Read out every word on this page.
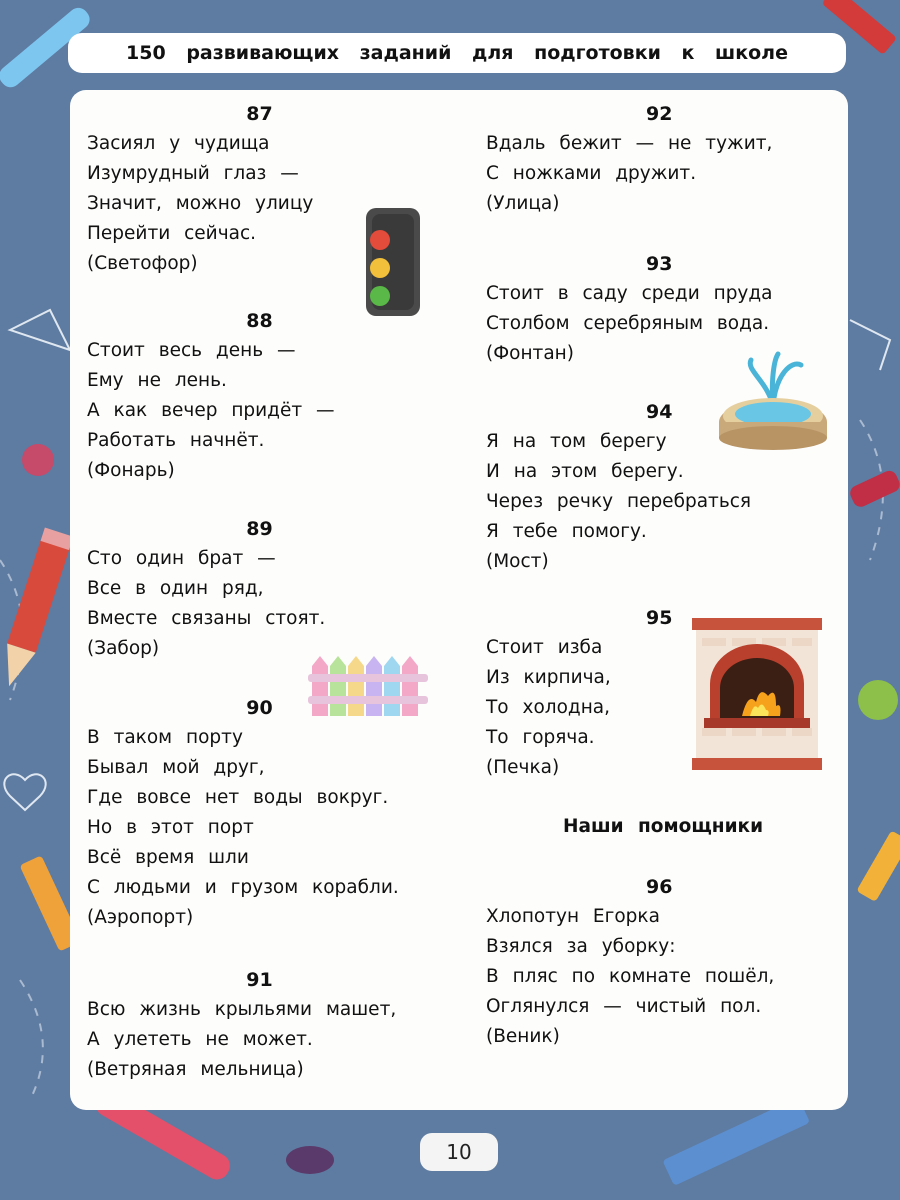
150 развивающих заданий для подготовки к школе
87
Засиял у чудища
Изумрудный глаз —
Значит, можно улицу
Перейти сейчас.
(Светофор)
88
Стоит весь день —
Ему не лень.
А как вечер придёт —
Работать начнёт.
(Фонарь)
89
Сто один брат —
Все в один ряд,
Вместе связаны стоят.
(Забор)
90
В таком порту
Бывал мой друг,
Где вовсе нет воды вокруг.
Но в этот порт
Всё время шли
С людьми и грузом корабли.
(Аэропорт)
91
Всю жизнь крыльями машет,
А улететь не может.
(Ветряная мельница)
92
Вдаль бежит — не тужит,
С ножками дружит.
(Улица)
93
Стоит в саду среди пруда
Столбом серебряным вода.
(Фонтан)
94
Я на том берегу
И на этом берегу.
Через речку перебраться
Я тебе помогу.
(Мост)
95
Стоит изба
Из кирпича,
То холодна,
То горяча.
(Печка)
Наши помощники
96
Хлопотун Егорка
Взялся за уборку:
В пляс по комнате пошёл,
Оглянулся — чистый пол.
(Веник)
10
